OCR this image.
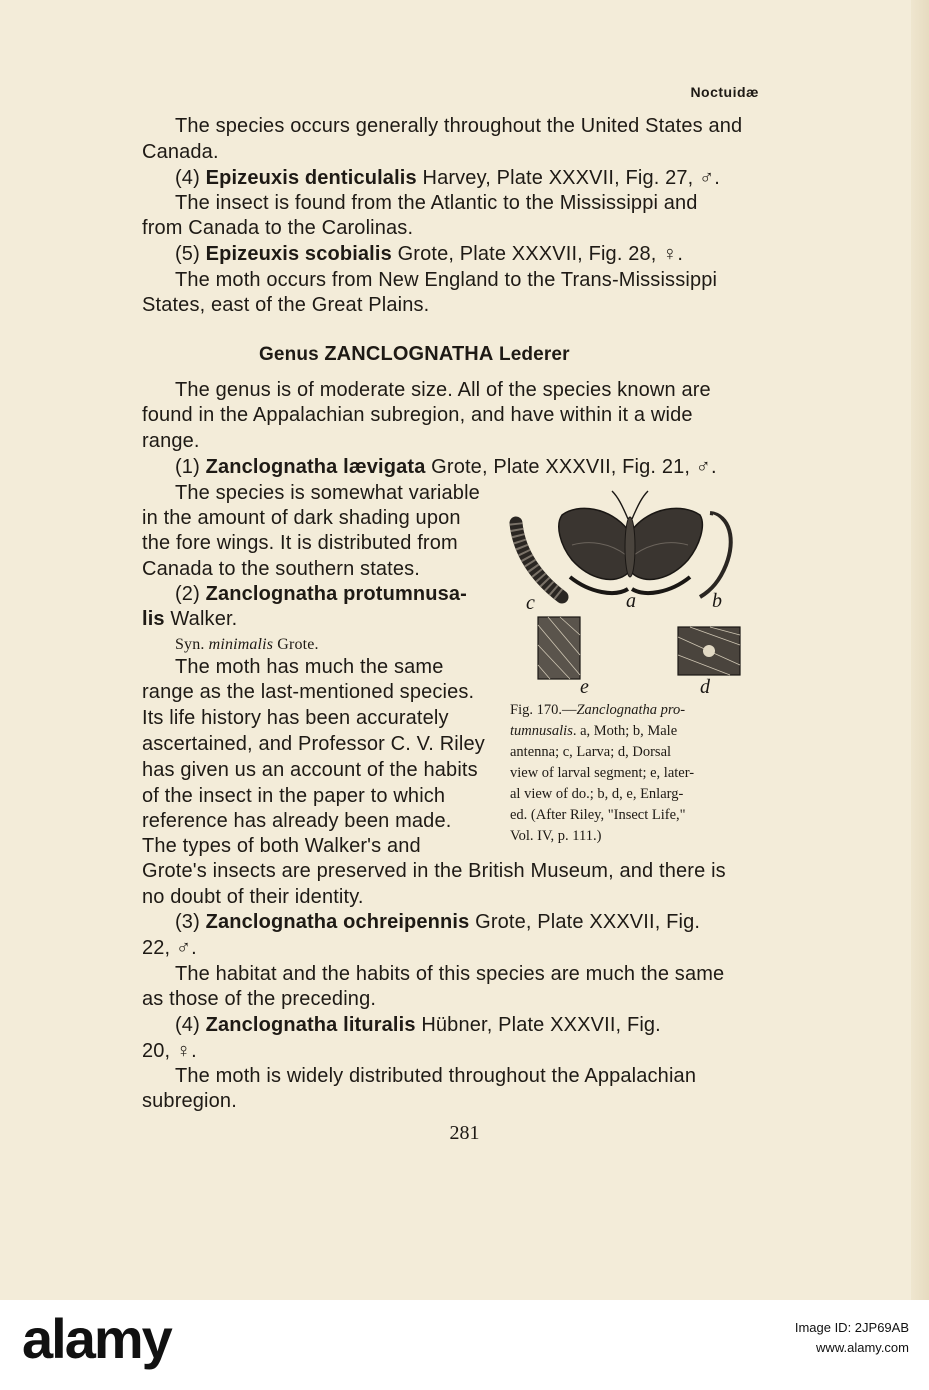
Noctuidæ
The species occurs generally throughout the United States and
Canada.
(4) Epizeuxis denticulalis Harvey, Plate XXXVII, Fig. 27, ♂.
The insect is found from the Atlantic to the Mississippi and
from Canada to the Carolinas.
(5) Epizeuxis scobialis Grote, Plate XXXVII, Fig. 28, ♀.
The moth occurs from New England to the Trans-Mississippi
States, east of the Great Plains.
Genus ZANCLOGNATHA Lederer
The genus is of moderate size. All of the species known are
found in the Appalachian subregion, and have within it a wide
range.
(1) Zanclognatha lævigata Grote, Plate XXXVII, Fig. 21, ♂.
The species is somewhat variable
in the amount of dark shading upon
the fore wings. It is distributed from
Canada to the southern states.
(2) Zanclognatha protumnusa-
lis Walker.
Syn. minimalis Grote.
The moth has much the same
range as the last-mentioned species.
Its life history has been accurately
ascertained, and Professor C. V. Riley
has given us an account of the habits
of the insect in the paper to which
reference has already been made.
The types of both Walker's and
Grote's insects are preserved in the British Museum, and there is
no doubt of their identity.
(3) Zanclognatha ochreipennis Grote, Plate XXXVII, Fig.
22, ♂.
The habitat and the habits of this species are much the same
as those of the preceding.
(4) Zanclognatha lituralis Hübner, Plate XXXVII, Fig.
20, ♀.
The moth is widely distributed throughout the Appalachian
subregion.
a	b
c
d
e
Fig. 170.—Zanclognatha pro-
tumnusalis. a, Moth; b, Male
antenna; c, Larva; d, Dorsal
view of larval segment; e, later-
al view of do.; b, d, e, Enlarg-
ed. (After Riley, "Insect Life,"
Vol. IV, p. 111.)
281
alamy	Image ID: 2JP69AB
www.alamy.com
